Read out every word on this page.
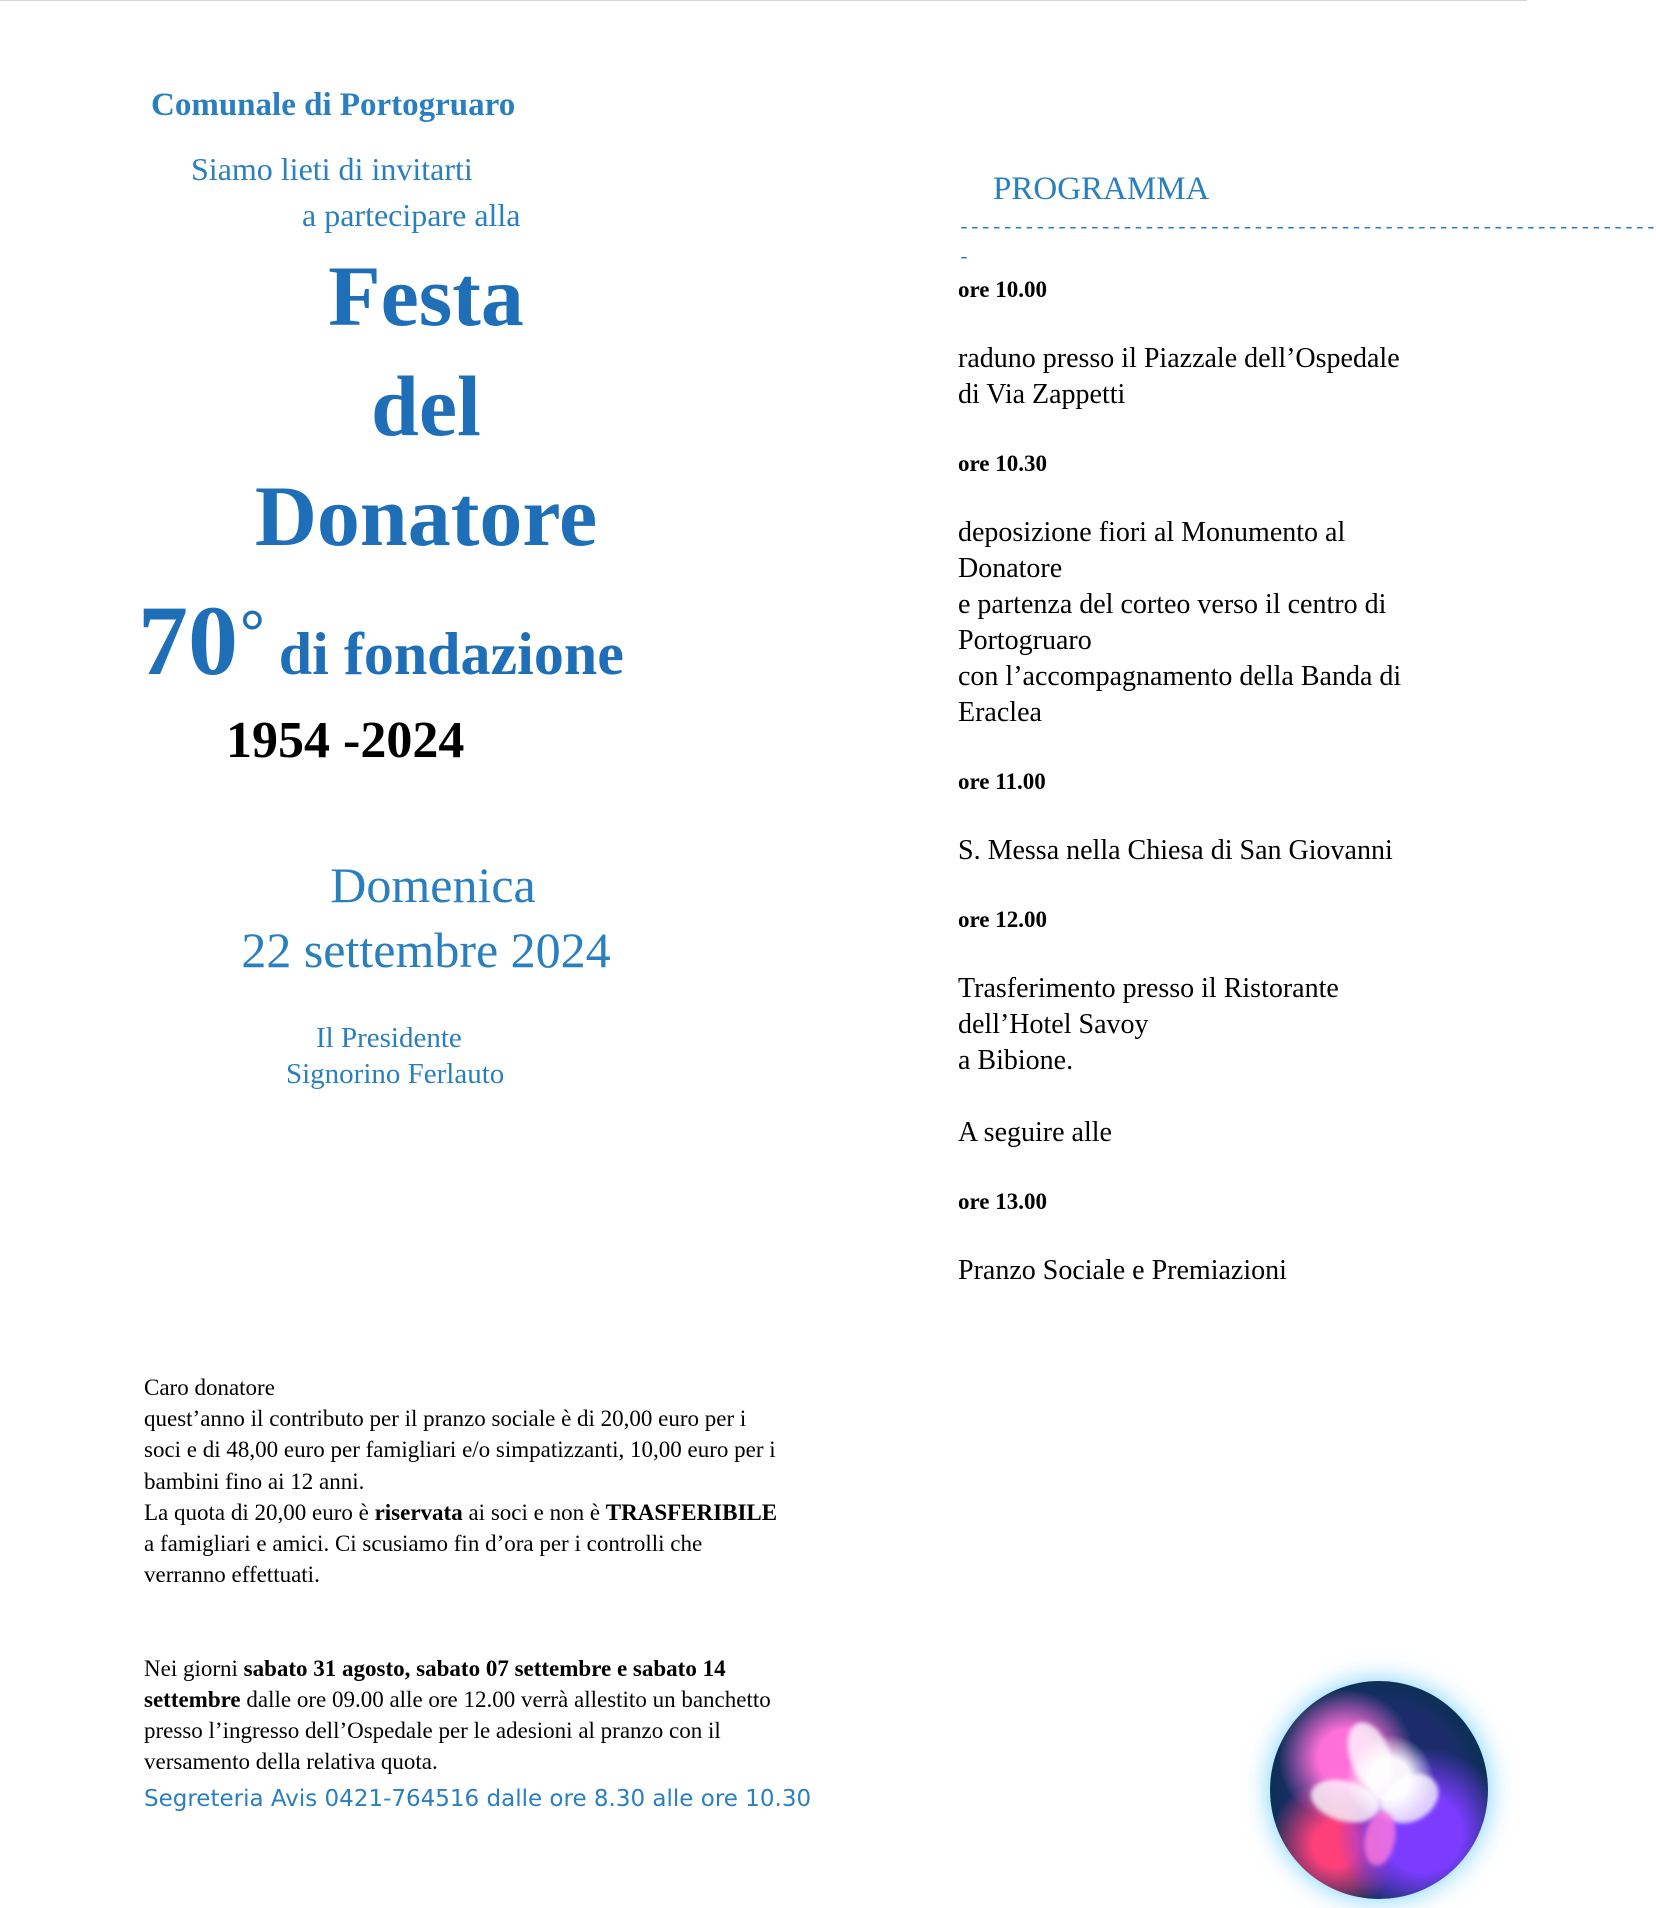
Comunale di Portogruaro
Siamo lieti di invitarti
a partecipare alla
Festa
del
Donatore
70° di fondazione
1954 -2024
Domenica
22 settembre 2024
Il Presidente
Signorino Ferlauto
PROGRAMMA
----------------------------------------------------------------
-
ore 10.00
raduno presso il Piazzale dell’Ospedale
di Via Zappetti
ore 10.30
deposizione fiori al Monumento al
Donatore
e partenza del corteo verso il centro di
Portogruaro
con l’accompagnamento della Banda di
Eraclea
ore 11.00
S. Messa nella Chiesa di San Giovanni
ore 12.00
Trasferimento presso il Ristorante
dell’Hotel Savoy
a Bibione.
A seguire alle
ore 13.00
Pranzo Sociale e Premiazioni

Caro donatore

quest’anno il contributo per il pranzo sociale è di 20,00 euro per i

soci e di 48,00 euro per famigliari e/o simpatizzanti, 10,00 euro per i

bambini fino ai 12 anni.

La quota di 20,00 euro è riservata ai soci e non è TRASFERIBILE

a famigliari e amici. Ci scusiamo fin d’ora per i controlli che

verranno effettuati.

Nei giorni sabato 31 agosto, sabato 07 settembre e sabato 14

settembre dalle ore 09.00 alle ore 12.00 verrà allestito un banchetto

presso l’ingresso dell’Ospedale per le adesioni al pranzo con il

versamento della relativa quota.

Segreteria Avis 0421-764516 dalle ore 8.30 alle ore 10.30
